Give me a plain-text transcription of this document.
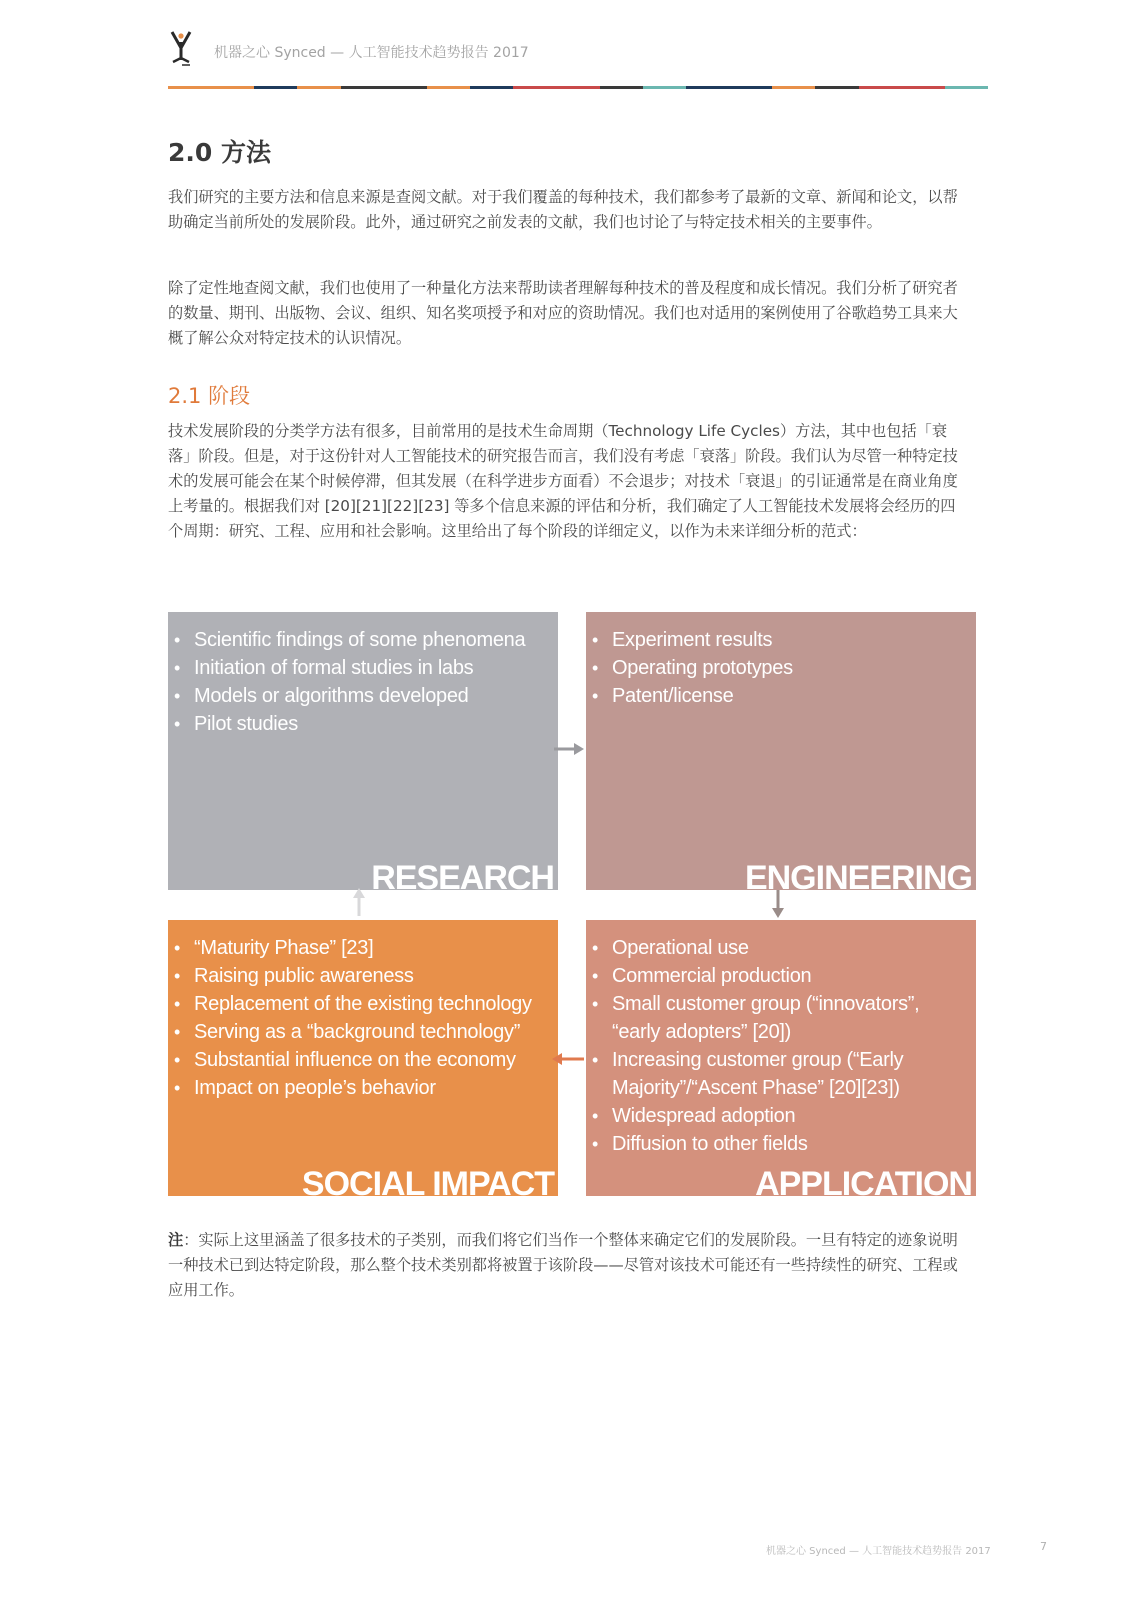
机器之心 Synced — 人工智能技术趋势报告 2017
2.0 方法

我们研究的主要方法和信息来源是查阅文献。对于我们覆盖的每种技术，我们都参考了最新的文章、新闻和论文，以帮助确定当前所处的发展阶段。此外，通过研究之前发表的文献，我们也讨论了与特定技术相关的主要事件。

除了定性地查阅文献，我们也使用了一种量化方法来帮助读者理解每种技术的普及程度和成长情况。我们分析了研究者的数量、期刊、出版物、会议、组织、知名奖项授予和对应的资助情况。我们也对适用的案例使用了谷歌趋势工具来大概了解公众对特定技术的认识情况。

2.1 阶段

技术发展阶段的分类学方法有很多，目前常用的是技术生命周期（Technology Life Cycles）方法，其中也包括「衰落」阶段。但是，对于这份针对人工智能技术的研究报告而言，我们没有考虑「衰落」阶段。我们认为尽管一种特定技术的发展可能会在某个时候停滞，但其发展（在科学进步方面看）不会退步；对技术「衰退」的引证通常是在商业角度上考量的。根据我们对 [20][21][22][23] 等多个信息来源的评估和分析，我们确定了人工智能技术发展将会经历的四个周期：研究、工程、应用和社会影响。这里给出了每个阶段的详细定义，以作为未来详细分析的范式：

• Scientific findings of some phenomena
• Initiation of formal studies in labs
• Models or algorithms developed
• Pilot studies
RESEARCH
• Experiment results
• Operating prototypes
• Patent/license
ENGINEERING
• “Maturity Phase” [23]
• Raising public awareness
• Replacement of the existing technology
• Serving as a “background technology”
• Substantial influence on the economy
• Impact on people’s behavior
SOCIAL IMPACT
• Operational use
• Commercial production
• Small customer group (“innovators”, “early adopters” [20])
• Increasing customer group (“Early Majority”/“Ascent Phase” [20][23])
• Widespread adoption
• Diffusion to other fields
APPLICATION

注：实际上这里涵盖了很多技术的子类别，而我们将它们当作一个整体来确定它们的发展阶段。一旦有特定的迹象说明一种技术已到达特定阶段，那么整个技术类别都将被置于该阶段——尽管对该技术可能还有一些持续性的研究、工程或应用工作。

机器之心 Synced — 人工智能技术趋势报告 2017	7
